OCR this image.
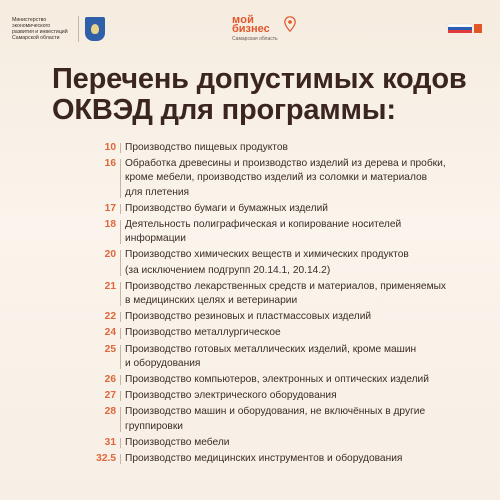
Министерство
экономического
развития и инвестиций
Самарской области
мой
бизнес
Самарская область
Перечень допустимых кодов ОКВЭД для программы:
10 Производство пищевых продуктов
16 Обработка древесины и производство изделий из дерева и пробки,
кроме мебели, производство изделий из соломки и материалов
для плетения
17 Производство бумаги и бумажных изделий
18 Деятельность полиграфическая и копирование носителей
информации
20 Производство химических веществ и химических продуктов
(за исключением подгрупп 20.14.1, 20.14.2)
21 Производство лекарственных средств и материалов, применяемых
в медицинских целях и ветеринарии
22 Производство резиновых и пластмассовых изделий
24 Производство металлургическое
25 Производство готовых металлических изделий, кроме машин
и оборудования
26 Производство компьютеров, электронных и оптических изделий
27 Производство электрического оборудования
28 Производство машин и оборудования, не включённых в другие
группировки
31 Производство мебели
32.5 Производство медицинских инструментов и оборудования
